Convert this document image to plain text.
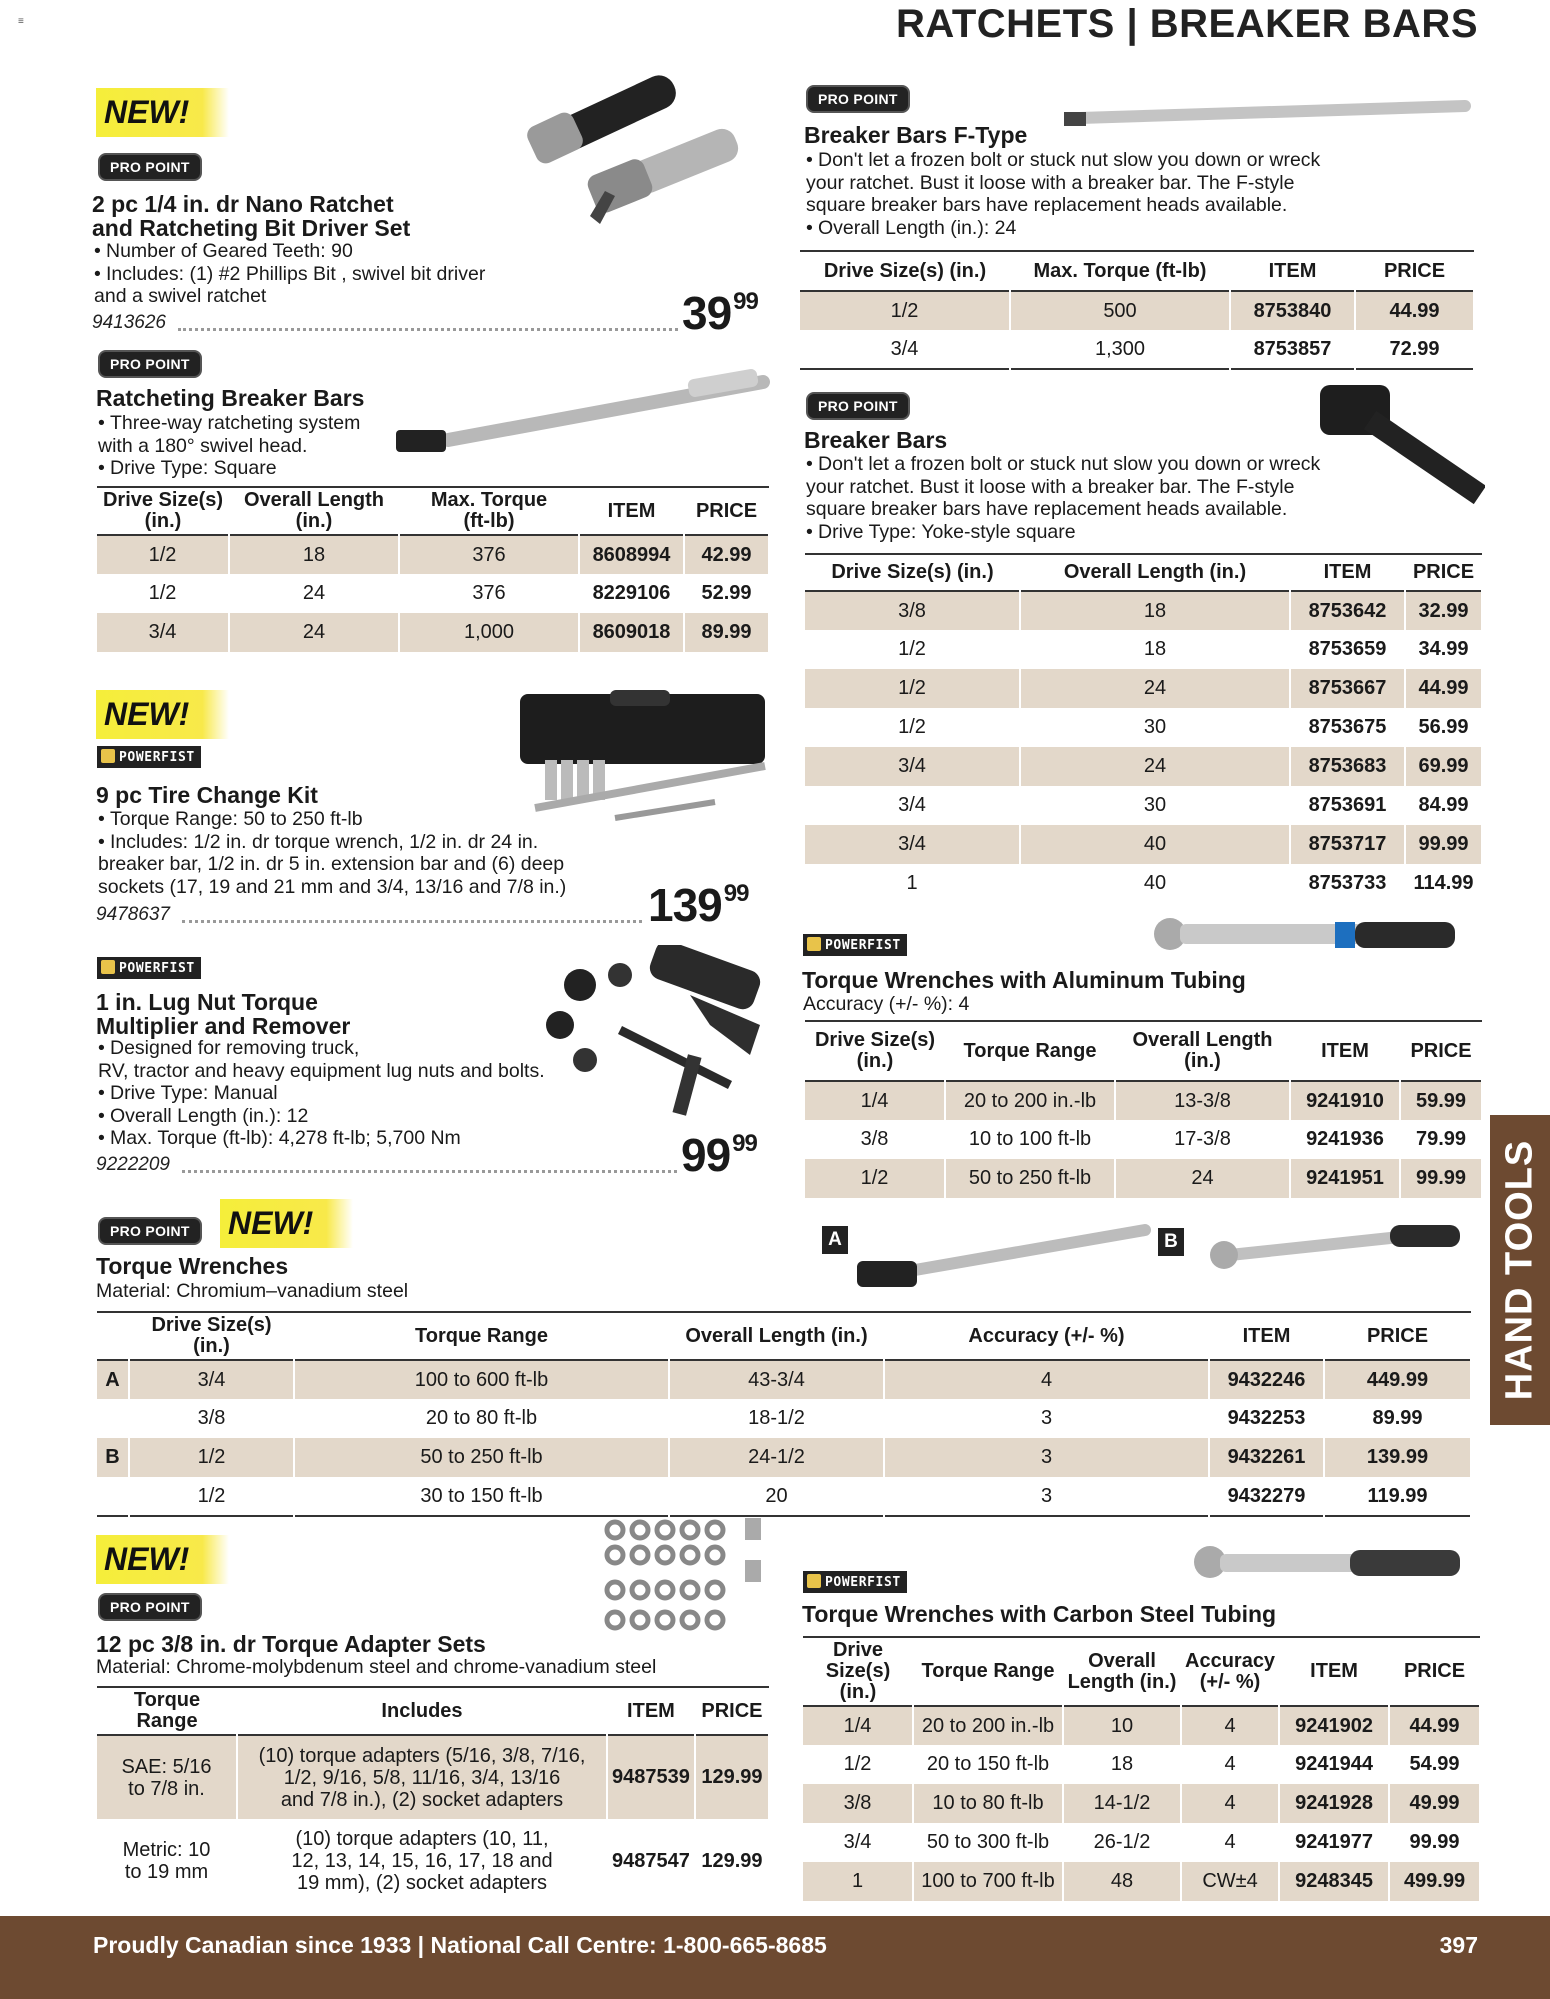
≡	RATCHETS | BREAKER BARS
NEW!
PRO POINT
2 pc 1/4 in. dr Nano Ratchet
and Ratcheting Bit Driver Set
• Number of Geared Teeth: 90
• Includes: (1) #2 Phillips Bit , swivel bit driver
and a swivel ratchet
9413626	$39^{99}$
PRO POINT
Ratcheting Breaker Bars
• Three-way ratcheting system
with a 180° swivel head.
• Drive Type: Square
Drive Size(s)
(in.)	Overall Length
(in.)	Max. Torque
(ft-lb)	ITEM	PRICE
1/2	18	376	8608994	42.99
1/2	24	376	8229106	52.99
3/4	24	1,000	8609018	89.99
NEW!
POWERFIST
9 pc Tire Change Kit
• Torque Range: 50 to 250 ft-lb
• Includes: 1/2 in. dr torque wrench, 1/2 in. dr 24 in.
breaker bar, 1/2 in. dr 5 in. extension bar and (6) deep
sockets (17, 19 and 21 mm and 3/4, 13/16 and 7/8 in.)
9478637	$139^{99}$
POWERFIST
1 in. Lug Nut Torque
Multiplier and Remover
• Designed for removing truck,
RV, tractor and heavy equipment lug nuts and bolts.
• Drive Type: Manual
• Overall Length (in.): 12
• Max. Torque (ft-lb): 4,278 ft-lb; 5,700 Nm
9222209	$99^{99}$
PRO POINT	NEW!
Torque Wrenches
Material: Chromium–vanadium steel
A	B
	Drive Size(s) (in.)	Torque Range	Overall Length (in.)	Accuracy (+/- %)	ITEM	PRICE
A	3/4	100 to 600 ft-lb	43-3/4	4	9432246	449.99
	3/8	20 to 80 ft-lb	18-1/2	3	9432253	89.99
B	1/2	50 to 250 ft-lb	24-1/2	3	9432261	139.99
	1/2	30 to 150 ft-lb	20	3	9432279	119.99
NEW!
PRO POINT
12 pc 3/8 in. dr Torque Adapter Sets
Material: Chrome-molybdenum steel and chrome-vanadium steel
Torque Range	Includes	ITEM	PRICE
SAE: 5/16
to 7/8 in.	(10) torque adapters (5/16, 3/8, 7/16,
1/2, 9/16, 5/8, 11/16, 3/4, 13/16
and 7/8 in.), (2) socket adapters	9487539	129.99
Metric: 10
to 19 mm	(10) torque adapters (10, 11,
12, 13, 14, 15, 16, 17, 18 and
19 mm), (2) socket adapters	9487547	129.99
PRO POINT
Breaker Bars F-Type
• Don't let a frozen bolt or stuck nut slow you down or wreck
your ratchet. Bust it loose with a breaker bar. The F-style
square breaker bars have replacement heads available.
• Overall Length (in.): 24
Drive Size(s) (in.)	Max. Torque (ft-lb)	ITEM	PRICE
1/2	500	8753840	44.99
3/4	1,300	8753857	72.99
PRO POINT
Breaker Bars
• Don't let a frozen bolt or stuck nut slow you down or wreck
your ratchet. Bust it loose with a breaker bar. The F-style
square breaker bars have replacement heads available.
• Drive Type: Yoke-style square
Drive Size(s) (in.)	Overall Length (in.)	ITEM	PRICE
3/8	18	8753642	32.99
1/2	18	8753659	34.99
1/2	24	8753667	44.99
1/2	30	8753675	56.99
3/4	24	8753683	69.99
3/4	30	8753691	84.99
3/4	40	8753717	99.99
1	40	8753733	114.99
POWERFIST
Torque Wrenches with Aluminum Tubing
Accuracy (+/- %): 4
Drive Size(s)
(in.)	Torque Range	Overall Length
(in.)	ITEM	PRICE
1/4	20 to 200 in.-lb	13-3/8	9241910	59.99
3/8	10 to 100 ft-lb	17-3/8	9241936	79.99
1/2	50 to 250 ft-lb	24	9241951	99.99
POWERFIST
Torque Wrenches with Carbon Steel Tubing
Drive
Size(s) (in.)	Torque Range	Overall
Length (in.)	Accuracy
(+/- %)	ITEM	PRICE
1/4	20 to 200 in.-lb	10	4	9241902	44.99
1/2	20 to 150 ft-lb	18	4	9241944	54.99
3/8	10 to 80 ft-lb	14-1/2	4	9241928	49.99
3/4	50 to 300 ft-lb	26-1/2	4	9241977	99.99
1	100 to 700 ft-lb	48	CW±4	9248345	499.99
HAND TOOLS
Proudly Canadian since 1933 | National Call Centre: 1-800-665-8685	397
